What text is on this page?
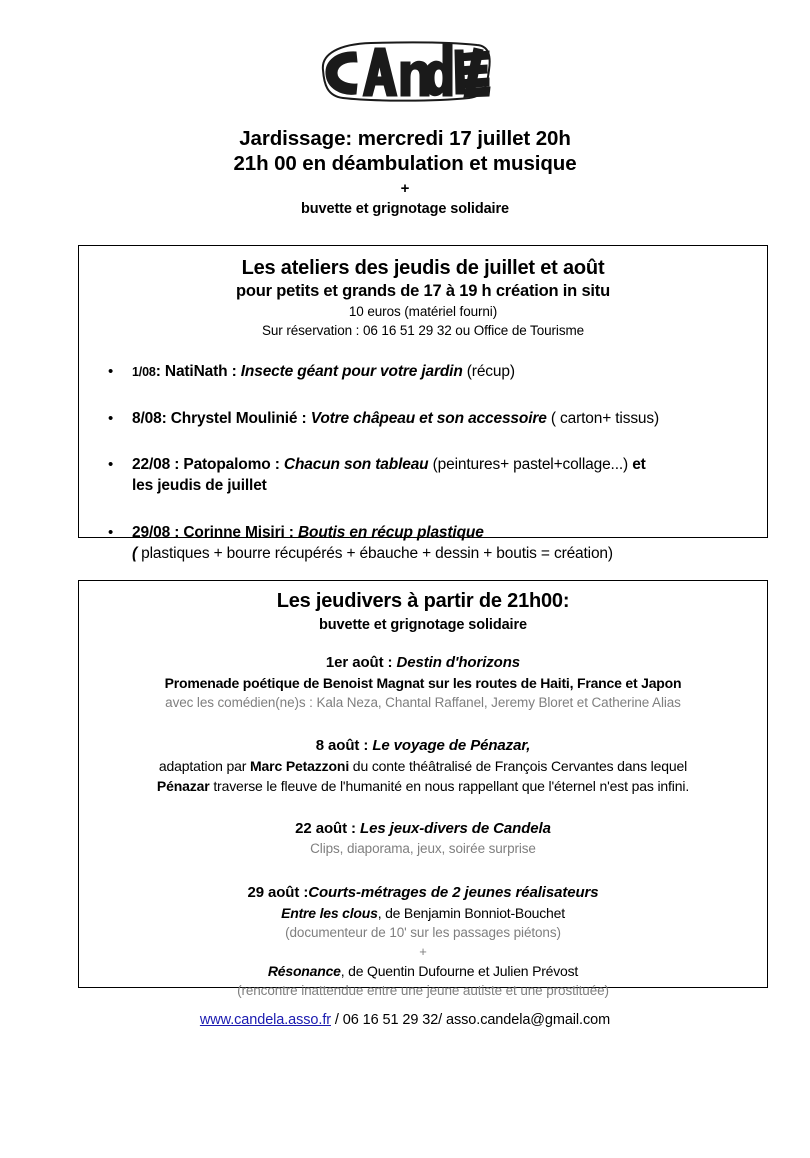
Jardissage: mercredi 17 juillet 20h
21h 00 en déambulation et musique
+
buvette et grignotage solidaire
Les ateliers des jeudis de juillet et août
pour petits et grands de 17 à 19 h création in situ
10 euros (matériel fourni)
Sur réservation : 06 16 51 29 32 ou Office de Tourisme
• 1/08: NatiNath : Insecte géant pour votre jardin (récup)
• 8/08: Chrystel Moulinié : Votre châpeau et son accessoire ( carton+ tissus)
• 22/08 : Patopalomo : Chacun son tableau (peintures+ pastel+collage...) et
les jeudis de juillet
• 29/08 : Corinne Misiri : Boutis en récup plastique
( plastiques + bourre récupérés + ébauche + dessin + boutis = création)
Les jeudivers à partir de 21h00:
buvette et grignotage solidaire
1er août : Destin d'horizons
Promenade poétique de Benoist Magnat sur les routes de Haiti, France et Japon
avec les comédien(ne)s : Kala Neza, Chantal Raffanel, Jeremy Bloret et Catherine Alias
8 août : Le voyage de Pénazar,
adaptation par Marc Petazzoni du conte théâtralisé de François Cervantes dans lequel
Pénazar traverse le fleuve de l'humanité en nous rappellant que l'éternel n'est pas infini.
22 août : Les jeux-divers de Candela
Clips, diaporama, jeux, soirée surprise
29 août :Courts-métrages de 2 jeunes réalisateurs
Entre les clous, de Benjamin Bonniot-Bouchet
(documenteur de 10' sur les passages piétons)
+
Résonance, de Quentin Dufourne et Julien Prévost
(rencontre inattendue entre une jeune autiste et une prostituée)
www.candela.asso.fr / 06 16 51 29 32/ asso.candela@gmail.com
